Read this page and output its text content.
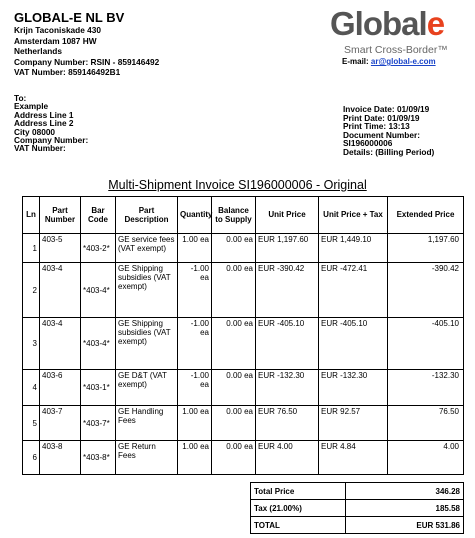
GLOBAL-E NL BV
Krijn Taconiskade 430
Amsterdam 1087 HW
Netherlands
Company Number: RSIN - 859146492
VAT Number: 859146492B1
Globale
Smart Cross-Border™
E-mail: ar@global-e.com
To:
Example
Address Line 1
Address Line 2
City 08000
Company Number:
VAT Number:
Invoice Date: 01/09/19
Print Date: 01/09/19
Print Time: 13:13
Document Number:
SI196000006
Details: (Billing Period)
Multi-Shipment Invoice SI196000006 - Original
Ln	Part Number	Bar Code	Part Description	Quantity	Balance to Supply	Unit Price	Unit Price + Tax	Extended Price
1	403-5	*403-2*	GE service fees (VAT exempt)	1.00 ea	0.00 ea	EUR 1,197.60	EUR 1,449.10	1,197.60
2	403-4	*403-4*	GE Shipping subsidies (VAT exempt)	-1.00 ea	0.00 ea	EUR -390.42	EUR -472.41	-390.42
3	403-4	*403-4*	GE Shipping subsidies (VAT exempt)	-1.00 ea	0.00 ea	EUR -405.10	EUR -405.10	-405.10
4	403-6	*403-1*	GE D&T (VAT exempt)	-1.00 ea	0.00 ea	EUR -132.30	EUR -132.30	-132.30
5	403-7	*403-7*	GE Handling Fees	1.00 ea	0.00 ea	EUR 76.50	EUR 92.57	76.50
6	403-8	*403-8*	GE Return Fees	1.00 ea	0.00 ea	EUR 4.00	EUR 4.84	4.00
Total Price	346.28
Tax (21.00%)	185.58
TOTAL	EUR 531.86
